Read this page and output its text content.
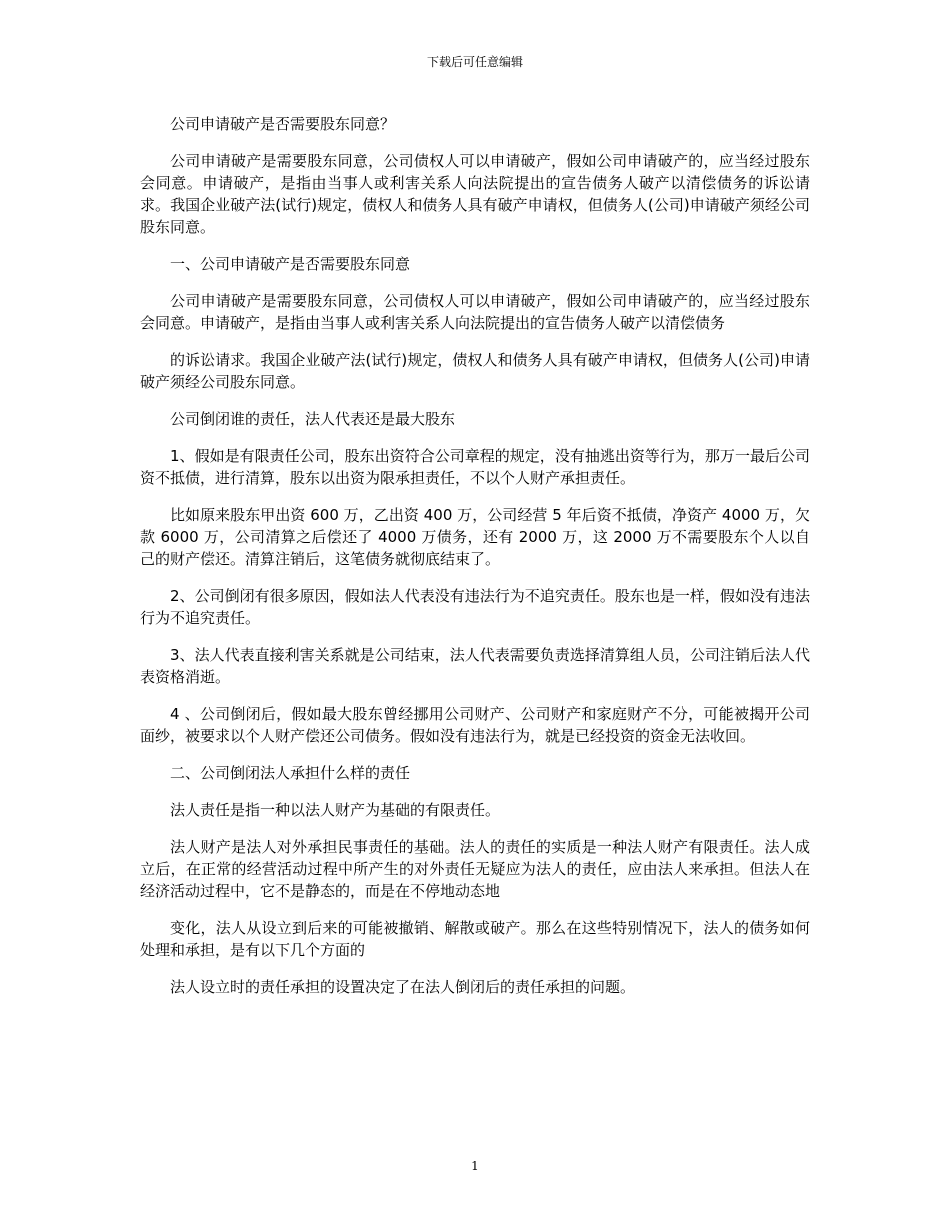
下载后可任意编辑

公司申请破产是否需要股东同意？

公司申请破产是需要股东同意，公司债权人可以申请破产，假如公司申请破产的，应当经过股东会同意。申请破产，是指由当事人或利害关系人向法院提出的宣告债务人破产以清偿债务的诉讼请求。我国企业破产法(试行)规定，债权人和债务人具有破产申请权，但债务人(公司)申请破产须经公司股东同意。

一、公司申请破产是否需要股东同意

公司申请破产是需要股东同意，公司债权人可以申请破产，假如公司申请破产的，应当经过股东会同意。申请破产，是指由当事人或利害关系人向法院提出的宣告债务人破产以清偿债务

的诉讼请求。我国企业破产法(试行)规定，债权人和债务人具有破产申请权，但债务人(公司)申请破产须经公司股东同意。

公司倒闭谁的责任，法人代表还是最大股东

1、假如是有限责任公司，股东出资符合公司章程的规定，没有抽逃出资等行为，那万一最后公司资不抵债，进行清算，股东以出资为限承担责任，不以个人财产承担责任。

比如原来股东甲出资 600 万，乙出资 400 万，公司经营 5 年后资不抵债，净资产 4000 万，欠款 6000 万，公司清算之后偿还了 4000 万债务，还有 2000 万，这 2000 万不需要股东个人以自己的财产偿还。清算注销后，这笔债务就彻底结束了。

2、公司倒闭有很多原因，假如法人代表没有违法行为不追究责任。股东也是一样，假如没有违法行为不追究责任。

3、法人代表直接利害关系就是公司结束，法人代表需要负责选择清算组人员，公司注销后法人代表资格消逝。

4 、公司倒闭后，假如最大股东曾经挪用公司财产、公司财产和家庭财产不分，可能被揭开公司面纱，被要求以个人财产偿还公司债务。假如没有违法行为，就是已经投资的资金无法收回。

二、公司倒闭法人承担什么样的责任

法人责任是指一种以法人财产为基础的有限责任。

法人财产是法人对外承担民事责任的基础。法人的责任的实质是一种法人财产有限责任。法人成立后，在正常的经营活动过程中所产生的对外责任无疑应为法人的责任，应由法人来承担。但法人在经济活动过程中，它不是静态的，而是在不停地动态地

变化，法人从设立到后来的可能被撤销、解散或破产。那么在这些特别情况下，法人的债务如何处理和承担，是有以下几个方面的

法人设立时的责任承担的设置决定了在法人倒闭后的责任承担的问题。

1
